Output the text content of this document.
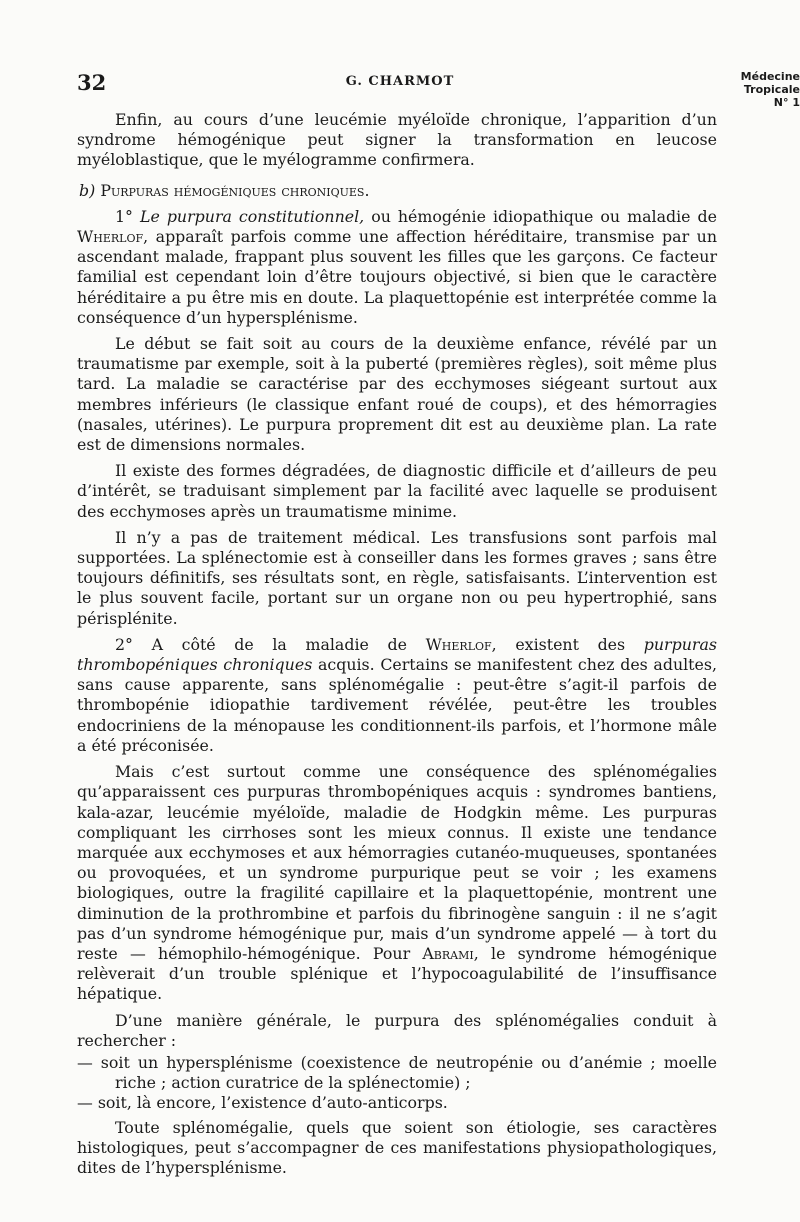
32	G. CHARMOT	Médecine
Tropicale
N° 1

Enfin, au cours d’une leucémie myéloïde chronique, l’apparition d’un syndrome hémogénique peut signer la transformation en leucose myéloblastique, que le myélogramme confirmera.

b) Purpuras hémogéniques chroniques.

1° Le purpura constitutionnel, ou hémogénie idiopathique ou maladie de Wherlof, apparaît parfois comme une affection héréditaire, transmise par un ascendant malade, frappant plus souvent les filles que les garçons. Ce facteur familial est cependant loin d’être toujours objectivé, si bien que le caractère héréditaire a pu être mis en doute. La plaquettopénie est interprétée comme la conséquence d’un hypersplénisme.

Le début se fait soit au cours de la deuxième enfance, révélé par un traumatisme par exemple, soit à la puberté (premières règles), soit même plus tard. La maladie se caractérise par des ecchymoses siégeant surtout aux membres inférieurs (le classique enfant roué de coups), et des hémorragies (nasales, utérines). Le purpura proprement dit est au deuxième plan. La rate est de dimensions normales.

Il existe des formes dégradées, de diagnostic difficile et d’ailleurs de peu d’intérêt, se traduisant simplement par la facilité avec laquelle se produisent des ecchymoses après un traumatisme minime.

Il n’y a pas de traitement médical. Les transfusions sont parfois mal supportées. La splénectomie est à conseiller dans les formes graves ; sans être toujours définitifs, ses résultats sont, en règle, satisfaisants. L’intervention est le plus souvent facile, portant sur un organe non ou peu hypertrophié, sans périsplénite.

2° A côté de la maladie de Wherlof, existent des purpuras thrombopéniques chroniques acquis. Certains se manifestent chez des adultes, sans cause apparente, sans splénomégalie : peut-être s’agit-il parfois de thrombopénie idiopathie tardivement révélée, peut-être les troubles endocriniens de la ménopause les conditionnent-ils parfois, et l’hormone mâle a été préconisée.

Mais c’est surtout comme une conséquence des splénomégalies qu’apparaissent ces purpuras thrombopéniques acquis : syndromes bantiens, kala-azar, leucémie myéloïde, maladie de Hodgkin même. Les purpuras compliquant les cirrhoses sont les mieux connus. Il existe une tendance marquée aux ecchymoses et aux hémorragies cutanéo-muqueuses, spontanées ou provoquées, et un syndrome purpurique peut se voir ; les examens biologiques, outre la fragilité capillaire et la plaquettopénie, montrent une diminution de la prothrombine et parfois du fibrinogène sanguin : il ne s’agit pas d’un syndrome hémogénique pur, mais d’un syndrome appelé — à tort du reste — hémophilo-hémogénique. Pour Abrami, le syndrome hémogénique relèverait d’un trouble splénique et l’hypocoagulabilité de l’insuffisance hépatique.

D’une manière générale, le purpura des splénomégalies conduit à rechercher :

— soit un hypersplénisme (coexistence de neutropénie ou d’anémie ; moelle riche ; action curatrice de la splénectomie) ;

— soit, là encore, l’existence d’auto-anticorps.

Toute splénomégalie, quels que soient son étiologie, ses caractères histologiques, peut s’accompagner de ces manifestations physiopathologiques, dites de l’hypersplénisme.
